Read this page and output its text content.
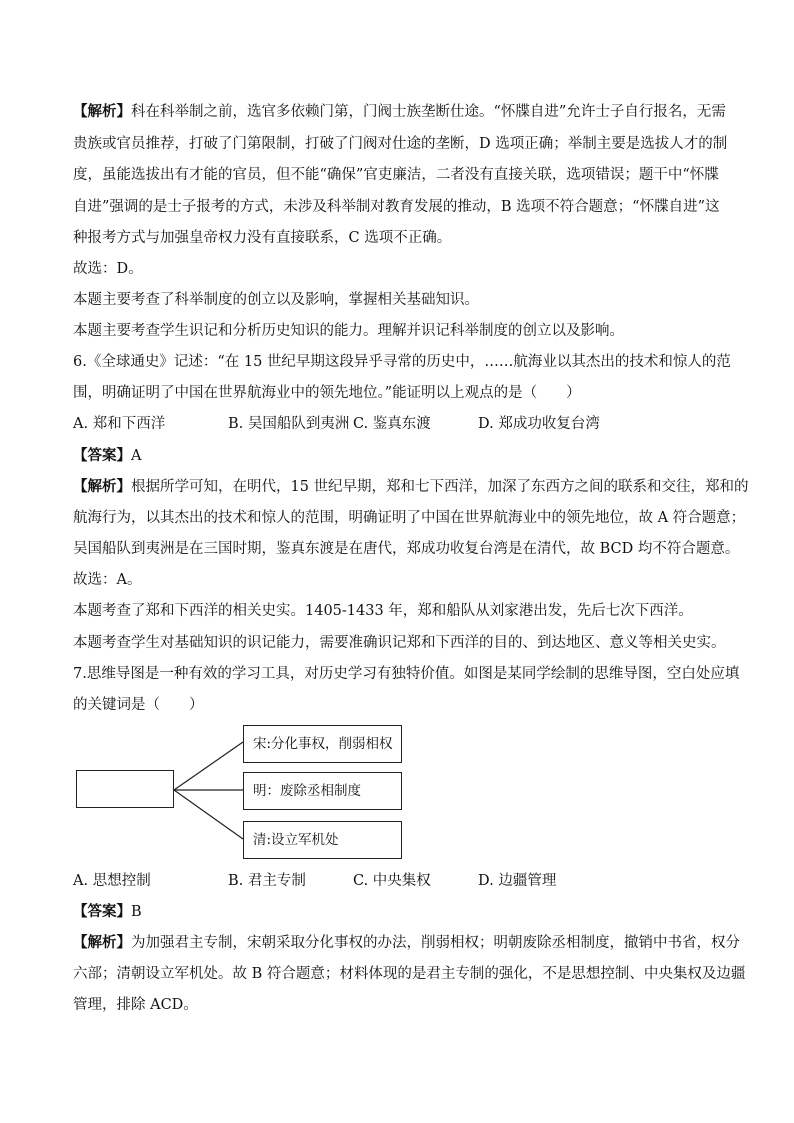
【解析】科在科举制之前，选官多依赖门第，门阀士族垄断仕途。“怀牒自进”允许士子自行报名，无需
贵族或官员推荐，打破了门第限制，打破了门阀对仕途的垄断，D 选项正确；举制主要是选拔人才的制
度，虽能选拔出有才能的官员，但不能“确保”官吏廉洁，二者没有直接关联，选项错误；题干中“怀牒
自进”强调的是士子报考的方式，未涉及科举制对教育发展的推动，B 选项不符合题意；“怀牒自进”这
种报考方式与加强皇帝权力没有直接联系，C 选项不正确。
故选：D。
本题主要考查了科举制度的创立以及影响，掌握相关基础知识。
本题主要考查学生识记和分析历史知识的能力。理解并识记科举制度的创立以及影响。
6.《全球通史》记述：“在 15 世纪早期这段异乎寻常的历史中，……航海业以其杰出的技术和惊人的范
围，明确证明了中国在世界航海业中的领先地位。”能证明以上观点的是（　　）
A. 郑和下西洋	B. 吴国船队到夷洲 C. 鉴真东渡	D. 郑成功收复台湾
【答案】A
【解析】根据所学可知，在明代，15 世纪早期，郑和七下西洋，加深了东西方之间的联系和交往，郑和的
航海行为，以其杰出的技术和惊人的范围，明确证明了中国在世界航海业中的领先地位，故 A 符合题意；
吴国船队到夷洲是在三国时期，鉴真东渡是在唐代，郑成功收复台湾是在清代，故 BCD 均不符合题意。
故选：A。
本题考查了郑和下西洋的相关史实。1405-1433 年，郑和船队从刘家港出发，先后七次下西洋。
本题考查学生对基础知识的识记能力，需要准确识记郑和下西洋的目的、到达地区、意义等相关史实。
7.思维导图是一种有效的学习工具，对历史学习有独特价值。如图是某同学绘制的思维导图，空白处应填
的关键词是（　　）
宋:分化事权，削弱相权
明：废除丞相制度
清:设立军机处
A. 思想控制	B. 君主专制	C. 中央集权	D. 边疆管理
【答案】B
【解析】为加强君主专制，宋朝采取分化事权的办法，削弱相权；明朝废除丞相制度，撤销中书省，权分
六部；清朝设立军机处。故 B 符合题意；材料体现的是君主专制的强化，不是思想控制、中央集权及边疆
管理，排除 ACD。
